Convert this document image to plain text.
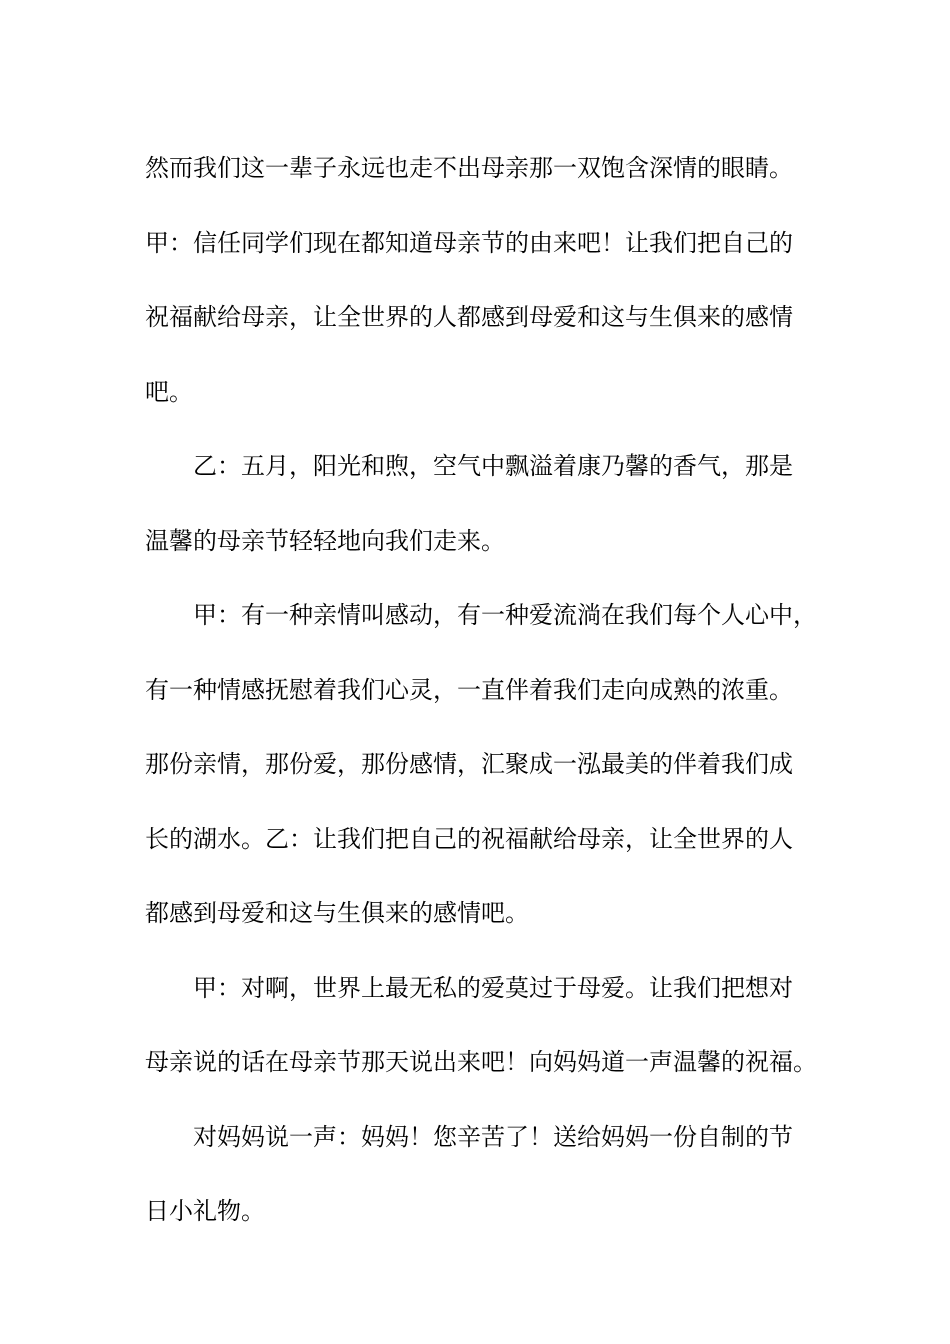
然而我们这一辈子永远也走不出母亲那一双饱含深情的眼睛。

甲：信任同学们现在都知道母亲节的由来吧！让我们把自己的
祝福献给母亲，让全世界的人都感到母爱和这与生俱来的感情
吧。

乙：五月，阳光和煦，空气中飘溢着康乃馨的香气，那是
温馨的母亲节轻轻地向我们走来。

甲：有一种亲情叫感动，有一种爱流淌在我们每个人心中，
有一种情感抚慰着我们心灵，一直伴着我们走向成熟的浓重。
那份亲情，那份爱，那份感情，汇聚成一泓最美的伴着我们成
长的湖水。乙：让我们把自己的祝福献给母亲，让全世界的人
都感到母爱和这与生俱来的感情吧。

甲：对啊，世界上最无私的爱莫过于母爱。让我们把想对
母亲说的话在母亲节那天说出来吧！向妈妈道一声温馨的祝福。

对妈妈说一声：妈妈！您辛苦了！送给妈妈一份自制的节
日小礼物。
